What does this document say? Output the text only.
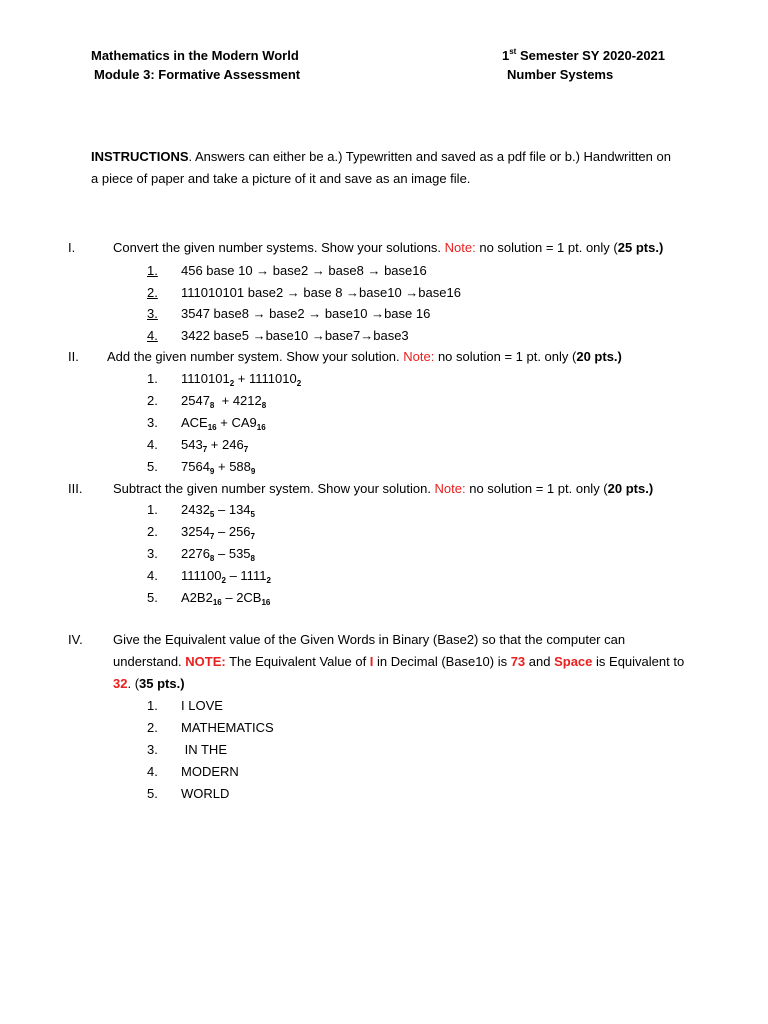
Mathematics in the Modern World
Module 3: Formative Assessment
1st Semester SY 2020-2021
Number Systems
INSTRUCTIONS. Answers can either be a.) Typewritten and saved as a pdf file or b.) Handwritten on
a piece of paper and take a picture of it and save as an image file.
I.	Convert the given number systems. Show your solutions. Note: no solution = 1 pt. only (25 pts.)
1. 456 base 10 → base2 → base8 → base16
2. 111010101 base2 → base 8 →base10 →base16
3. 3547 base8 → base2 → base10 →base 16
4. 3422 base5 →base10 →base7→base3
II. Add the given number system. Show your solution. Note: no solution = 1 pt. only (20 pts.)
1. $1110101_2 + 1111010_2$
2. $2547_8 + 4212_8$
3. $ACE_{16} + CA9_{16}$
4. $543_7 + 246_7$
5. $7564_9 + 588_9$
III. Subtract the given number system. Show your solution. Note: no solution = 1 pt. only (20 pts.)
1. $2432_5 - 134_5$
2. $3254_7 - 256_7$
3. $2276_8 - 535_8$
4. $111100_2 - 1111_2$
5. $A2B2_{16} - 2CB_{16}$
IV. Give the Equivalent value of the Given Words in Binary (Base2) so that the computer can
understand. NOTE: The Equivalent Value of I in Decimal (Base10) is 73 and Space is Equivalent to
32. (35 pts.)
1. I LOVE
2. MATHEMATICS
3. IN THE
4. MODERN
5. WORLD
